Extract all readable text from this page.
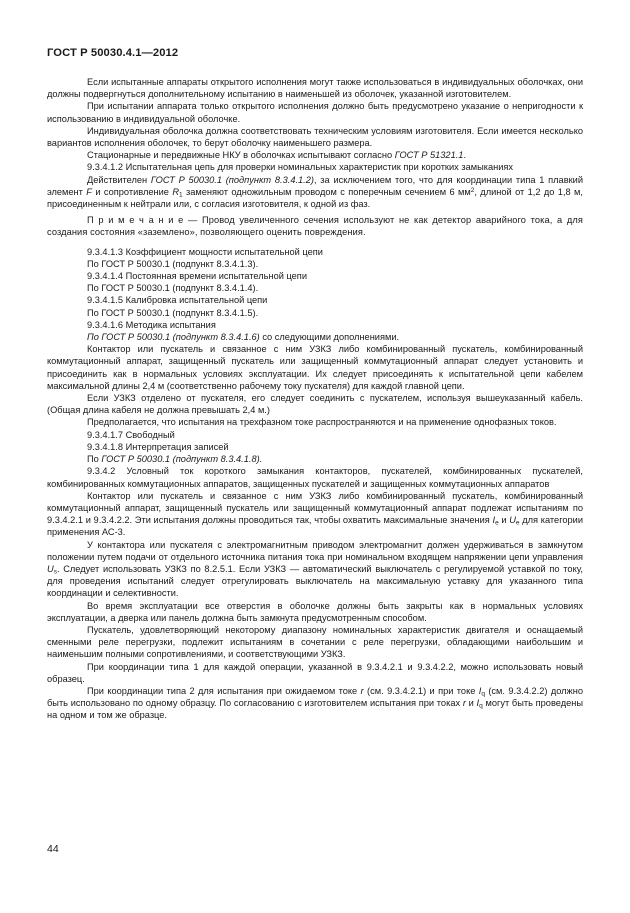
ГОСТ Р 50030.4.1—2012

Если испытанные аппараты открытого исполнения могут также использоваться в индивидуальных оболочках, они должны подвергнуться дополнительному испытанию в наименьшей из оболочек, указанной изготовителем.

При испытании аппарата только открытого исполнения должно быть предусмотрено указание о непригодности к использованию в индивидуальной оболочке.

Индивидуальная оболочка должна соответствовать техническим условиям изготовителя. Если имеется несколько вариантов исполнения оболочек, то берут оболочку наименьшего размера.

Стационарные и передвижные НКУ в оболочках испытывают согласно ГОСТ Р 51321.1.

9.3.4.1.2 Испытательная цепь для проверки номинальных характеристик при коротких замыканиях

Действителен ГОСТ Р 50030.1 (подпункт 8.3.4.1.2), за исключением того, что для координации типа 1 плавкий элемент F и сопротивление $R_1$ заменяют одножильным проводом с поперечным сечением 6 $мм^2$, длиной от 1,2 до 1,8 м, присоединенным к нейтрали или, с согласия изготовителя, к одной из фаз.

П р и м е ч а н и е — Провод увеличенного сечения используют не как детектор аварийного тока, а для создания состояния «заземлено», позволяющего оценить повреждения.

9.3.4.1.3 Коэффициент мощности испытательной цепи

По ГОСТ Р 50030.1 (подпункт 8.3.4.1.3).

9.3.4.1.4 Постоянная времени испытательной цепи

По ГОСТ Р 50030.1 (подпункт 8.3.4.1.4).

9.3.4.1.5 Калибровка испытательной цепи

По ГОСТ Р 50030.1 (подпункт 8.3.4.1.5).

9.3.4.1.6 Методика испытания

По ГОСТ Р 50030.1 (подпункт 8.3.4.1.6) со следующими дополнениями.

Контактор или пускатель и связанное с ним УЗКЗ либо комбинированный пускатель, комбинированный коммутационный аппарат, защищенный пускатель или защищенный коммутационный аппарат следует установить и присоединить как в нормальных условиях эксплуатации. Их следует присоединять к испытательной цепи кабелем максимальной длины 2,4 м (соответственно рабочему току пускателя) для каждой главной цепи.

Если УЗКЗ отделено от пускателя, его следует соединить с пускателем, используя вышеуказанный кабель. (Общая длина кабеля не должна превышать 2,4 м.)

Предполагается, что испытания на трехфазном токе распространяются и на применение однофазных токов.

9.3.4.1.7 Свободный

9.3.4.1.8 Интерпретация записей

По ГОСТ Р 50030.1 (подпункт 8.3.4.1.8).

9.3.4.2 Условный ток короткого замыкания контакторов, пускателей, комбинированных пускателей, комбинированных коммутационных аппаратов, защищенных пускателей и защищенных коммутационных аппаратов

Контактор или пускатель и связанное с ним УЗКЗ либо комбинированный пускатель, комбинированный коммутационный аппарат, защищенный пускатель или защищенный коммутационный аппарат подлежат испытаниям по 9.3.4.2.1 и 9.3.4.2.2. Эти испытания должны проводиться так, чтобы охватить максимальные значения $I_e$ и $U_e$ для категории применения АС-3.

У контактора или пускателя с электромагнитным приводом электромагнит должен удерживаться в замкнутом положении путем подачи от отдельного источника питания тока при номинальном входящем напряжении цепи управления $U_s$. Следует использовать УЗКЗ по 8.2.5.1. Если УЗКЗ — автоматический выключатель с регулируемой уставкой по току, для проведения испытаний следует отрегулировать выключатель на максимальную уставку для указанного типа координации и селективности.

Во время эксплуатации все отверстия в оболочке должны быть закрыты как в нормальных условиях эксплуатации, а дверка или панель должна быть замкнута предусмотренным способом.

Пускатель, удовлетворяющий некоторому диапазону номинальных характеристик двигателя и оснащаемый сменными реле перегрузки, подлежит испытаниям в сочетании с реле перегрузки, обладающими наибольшим и наименьшим полными сопротивлениями, и соответствующими УЗКЗ.

При координации типа 1 для каждой операции, указанной в 9.3.4.2.1 и 9.3.4.2.2, можно использовать новый образец.

При координации типа 2 для испытания при ожидаемом токе r (см. 9.3.4.2.1) и при токе $I_q$ (см. 9.3.4.2.2) должно быть использовано по одному образцу. По согласованию с изготовителем испытания при токах r и $I_q$ могут быть проведены на одном и том же образце.

44
